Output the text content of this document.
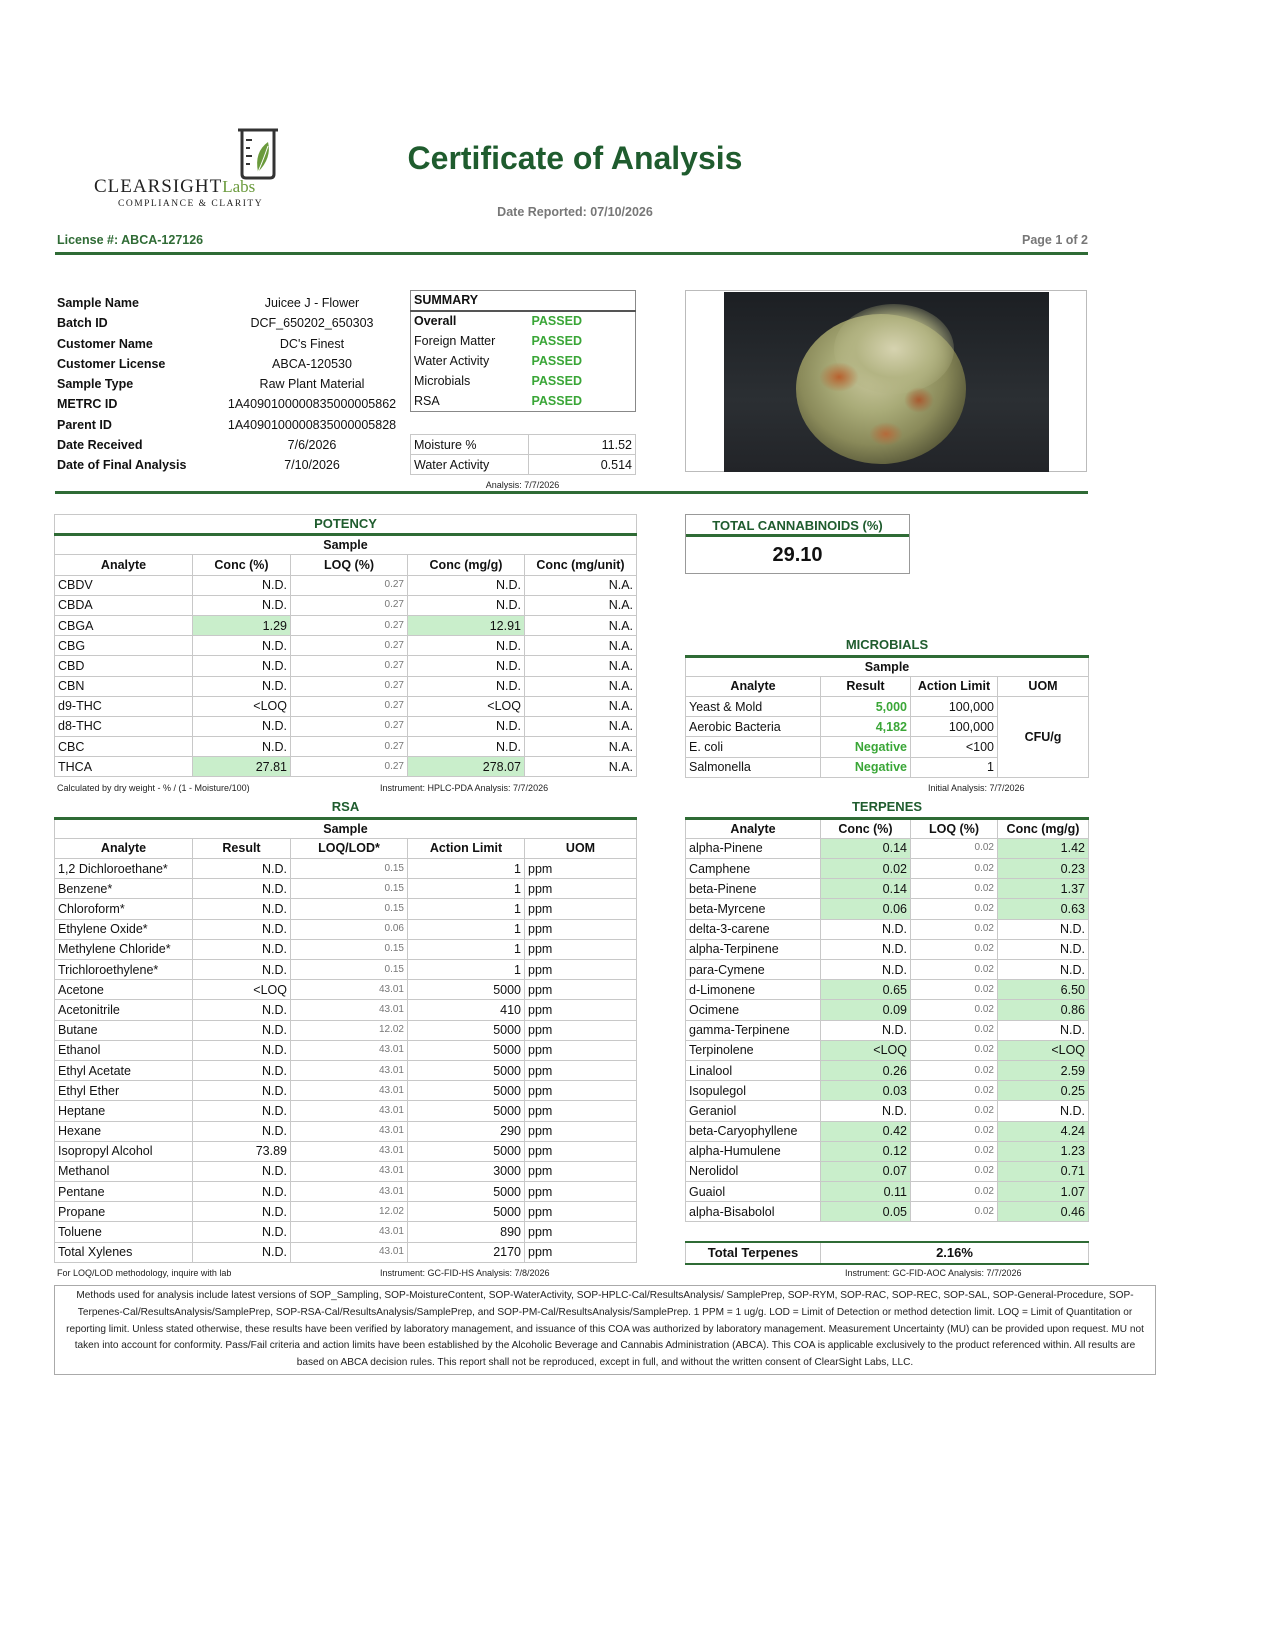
CLEARSIGHTLabs
COMPLIANCE & CLARITY
Certificate of Analysis
Date Reported: 07/10/2026
License #: ABCA-127126	Page 1 of 2
Sample Name	Juicee J - Flower
Batch ID	DCF_650202_650303
Customer Name	DC's Finest
Customer License	ABCA-120530
Sample Type	Raw Plant Material
METRC ID	1A4090100000835000005862
Parent ID	1A4090100000835000005828
Date Received	7/6/2026
Date of Final Analysis	7/10/2026
SUMMARY	
Overall	PASSED
Foreign Matter	PASSED
Water Activity	PASSED
Microbials	PASSED
RSA	PASSED
Moisture %	11.52
Water Activity	0.514
Analysis: 7/7/2026
POTENCY				
Sample				
Analyte	Conc (%)	LOQ (%)	Conc (mg/g)	Conc (mg/unit)
CBDV	N.D.	0.27	N.D.	N.A.
CBDA	N.D.	0.27	N.D.	N.A.
CBGA	1.29	0.27	12.91	N.A.
CBG	N.D.	0.27	N.D.	N.A.
CBD	N.D.	0.27	N.D.	N.A.
CBN	N.D.	0.27	N.D.	N.A.
d9-THC	<LOQ	0.27	<LOQ	N.A.
d8-THC	N.D.	0.27	N.D.	N.A.
CBC	N.D.	0.27	N.D.	N.A.
THCA	27.81	0.27	278.07	N.A.
Calculated by dry weight - % / (1 - Moisture/100)	Instrument: HPLC-PDA Analysis: 7/7/2026
TOTAL CANNABINOIDS (%)
29.10
MICROBIALS			
Sample			
Analyte	Result	Action Limit	UOM
Yeast & Mold	5,000	100,000	CFU/g
Aerobic Bacteria	4,182	100,000	
E. coli	Negative	<100	
Salmonella	Negative	1	
Initial Analysis: 7/7/2026
RSA				
Sample				
Analyte	Result	LOQ/LOD*	Action Limit	UOM
1,2 Dichloroethane*	N.D.	0.15	1	ppm
Benzene*	N.D.	0.15	1	ppm
Chloroform*	N.D.	0.15	1	ppm
Ethylene Oxide*	N.D.	0.06	1	ppm
Methylene Chloride*	N.D.	0.15	1	ppm
Trichloroethylene*	N.D.	0.15	1	ppm
Acetone	<LOQ	43.01	5000	ppm
Acetonitrile	N.D.	43.01	410	ppm
Butane	N.D.	12.02	5000	ppm
Ethanol	N.D.	43.01	5000	ppm
Ethyl Acetate	N.D.	43.01	5000	ppm
Ethyl Ether	N.D.	43.01	5000	ppm
Heptane	N.D.	43.01	5000	ppm
Hexane	N.D.	43.01	290	ppm
Isopropyl Alcohol	73.89	43.01	5000	ppm
Methanol	N.D.	43.01	3000	ppm
Pentane	N.D.	43.01	5000	ppm
Propane	N.D.	12.02	5000	ppm
Toluene	N.D.	43.01	890	ppm
Total Xylenes	N.D.	43.01	2170	ppm
For LOQ/LOD methodology, inquire with lab	Instrument: GC-FID-HS Analysis: 7/8/2026
TERPENES			
Analyte	Conc (%)	LOQ (%)	Conc (mg/g)
alpha-Pinene	0.14	0.02	1.42
Camphene	0.02	0.02	0.23
beta-Pinene	0.14	0.02	1.37
beta-Myrcene	0.06	0.02	0.63
delta-3-carene	N.D.	0.02	N.D.
alpha-Terpinene	N.D.	0.02	N.D.
para-Cymene	N.D.	0.02	N.D.
d-Limonene	0.65	0.02	6.50
Ocimene	0.09	0.02	0.86
gamma-Terpinene	N.D.	0.02	N.D.
Terpinolene	<LOQ	0.02	<LOQ
Linalool	0.26	0.02	2.59
Isopulegol	0.03	0.02	0.25
Geraniol	N.D.	0.02	N.D.
beta-Caryophyllene	0.42	0.02	4.24
alpha-Humulene	0.12	0.02	1.23
Nerolidol	0.07	0.02	0.71
Guaiol	0.11	0.02	1.07
alpha-Bisabolol	0.05	0.02	0.46
Total Terpenes	2.16%
Instrument: GC-FID-AOC Analysis: 7/7/2026
Methods used for analysis include latest versions of SOP_Sampling, SOP-MoistureContent, SOP-WaterActivity, SOP-HPLC-Cal/ResultsAnalysis/ SamplePrep, SOP-RYM, SOP-RAC, SOP-REC, SOP-SAL, SOP-General-Procedure, SOP-Terpenes-Cal/ResultsAnalysis/SamplePrep, SOP-RSA-Cal/ResultsAnalysis/SamplePrep, and SOP-PM-Cal/ResultsAnalysis/SamplePrep. 1 PPM = 1 ug/g. LOD = Limit of Detection or method detection limit. LOQ = Limit of Quantitation or reporting limit. Unless stated otherwise, these results have been verified by laboratory management, and issuance of this COA was authorized by laboratory management. Measurement Uncertainty (MU) can be provided upon request. MU not taken into account for conformity. Pass/Fail criteria and action limits have been established by the Alcoholic Beverage and Cannabis Administration (ABCA). This COA is applicable exclusively to the product referenced within. All results are based on ABCA decision rules. This report shall not be reproduced, except in full, and without the written consent of ClearSight Labs, LLC.
